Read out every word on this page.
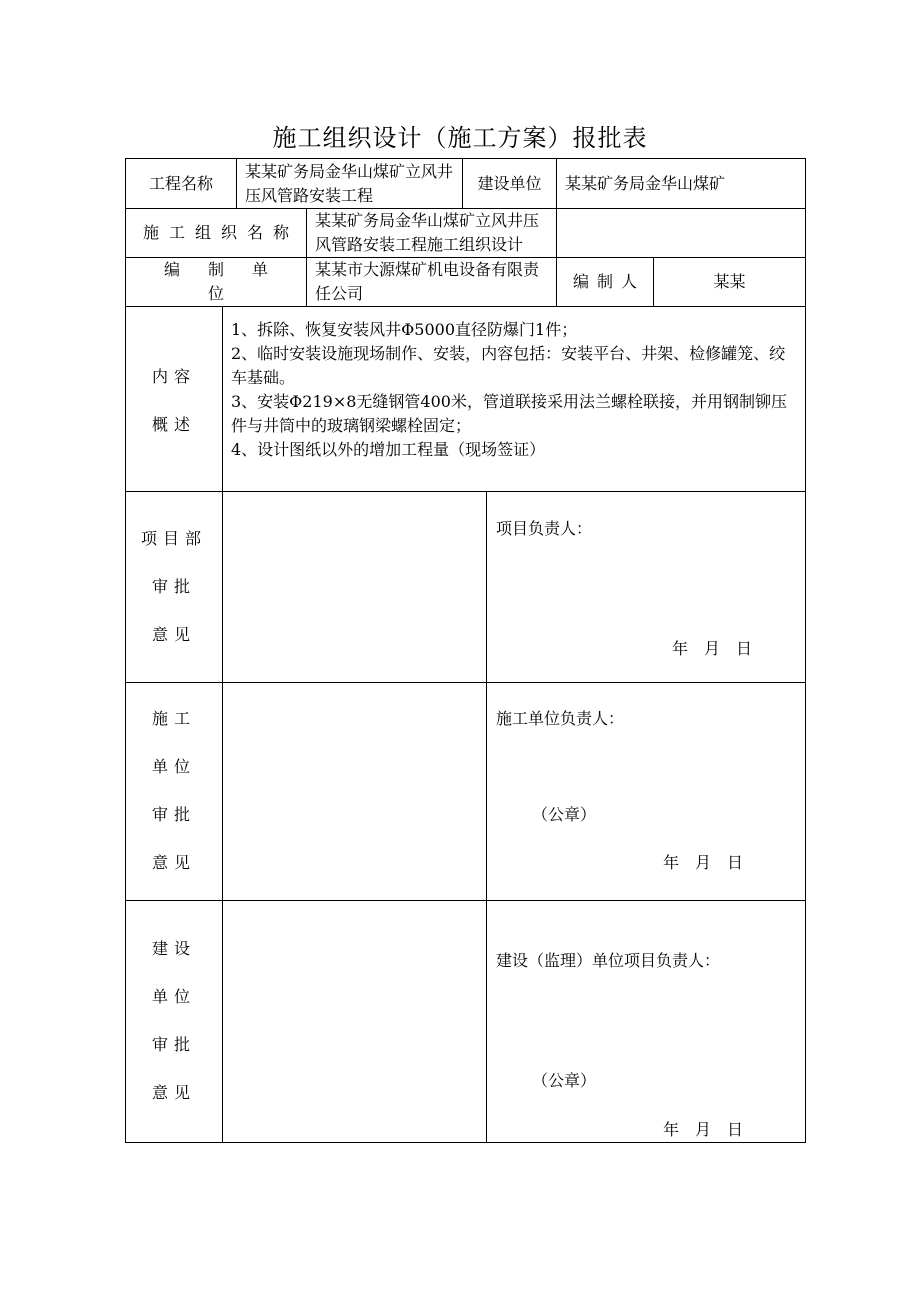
施工组织设计（施工方案）报批表
工程名称
某某矿务局金华山煤矿立风井压风管路安装工程
建设单位	某某矿务局金华山煤矿
施工组织名称
某某矿务局金华山煤矿立风井压风管路安装工程施工组织设计
编制单位
某某市大源煤矿机电设备有限责任公司
编制人	某某
内容
概述

1、拆除、恢复安装风井Φ5000直径防爆门1件；

2、临时安装设施现场制作、安装，内容包括：安装平台、井架、检修罐笼、绞车基础。

3、安装Φ219×8无缝钢管400米，管道联接采用法兰螺栓联接，并用钢制铆压件与井筒中的玻璃钢梁螺栓固定；

4、设计图纸以外的增加工程量（现场签证）

项目部
审批
意见
项目负责人：
年　月　日
施工
单位
审批
意见
施工单位负责人：
（公章）
年　月　日
建设
单位
审批
意见
建设（监理）单位项目负责人：
（公章）
年　月　日
